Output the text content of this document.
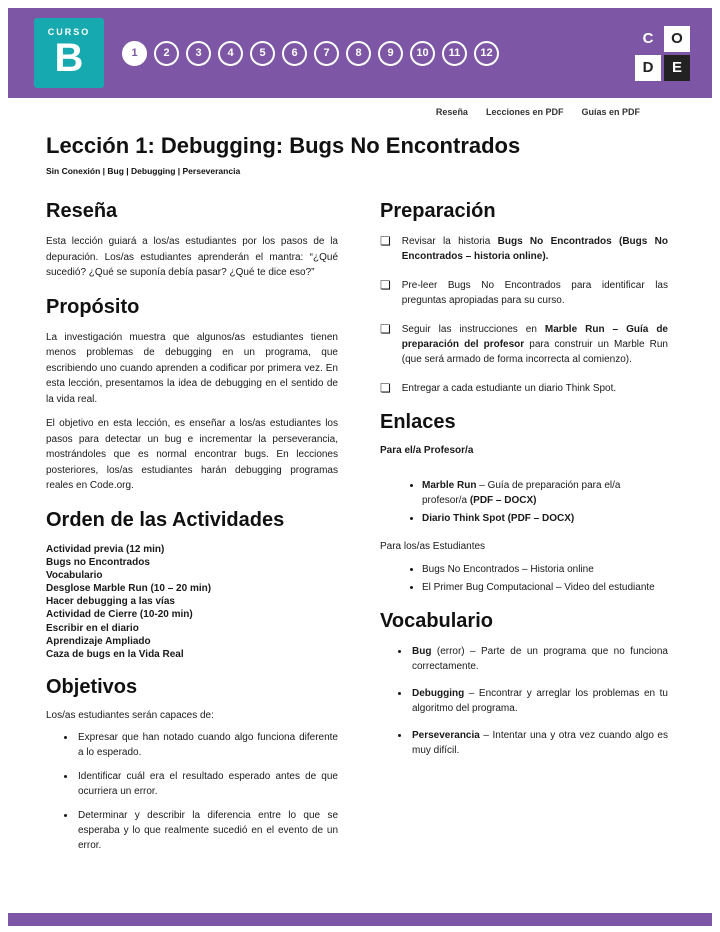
CURSO
B	1	2	3	4	5	6	7	8	9	10	11	12
C	O
D	E
Reseña Lecciones en PDF Guías en PDF
Lección 1: Debugging: Bugs No Encontrados
Sin Conexión | Bug | Debugging | Perseverancia
Reseña

Esta lección guiará a los/as estudiantes por los pasos de la depuración. Los/as estudiantes aprenderán el mantra: “¿Qué sucedió? ¿Qué se suponía debía pasar? ¿Qué te dice eso?”

Propósito

La investigación muestra que algunos/as estudiantes tienen menos problemas de debugging en un programa, que escribiendo uno cuando aprenden a codificar por primera vez. En esta lección, presentamos la idea de debugging en el sentido de la vida real.

El objetivo en esta lección, es enseñar a los/as estudiantes los pasos para detectar un bug e incrementar la perseverancia, mostrándoles que es normal encontrar bugs. En lecciones posteriores, los/as estudiantes harán debugging programas reales en Code.org.

Orden de las Actividades
Actividad previa (12 min)
Bugs no Encontrados
Vocabulario
Desglose Marble Run (10 – 20 min)
Hacer debugging a las vías
Actividad de Cierre (10-20 min)
Escribir en el diario
Aprendizaje Ampliado
Caza de bugs en la Vida Real
Objetivos

Los/as estudiantes serán capaces de:

• Expresar que han notado cuando algo funciona diferente a lo esperado.
• Identificar cuál era el resultado esperado antes de que ocurriera un error.
• Determinar y describir la diferencia entre lo que se esperaba y lo que realmente sucedió en el evento de un error.
Preparación
❏ Revisar la historia Bugs No Encontrados (Bugs No Encontrados – historia online).

❏ Pre-leer Bugs No Encontrados para identificar las preguntas apropiadas para su curso.

❏ Seguir las instrucciones en Marble Run – Guía de preparación del profesor para construir un Marble Run (que será armado de forma incorrecta al comienzo).

❏ Entregar a cada estudiante un diario Think Spot.

Enlaces

Para el/a Profesor/a

• Marble Run – Guía de preparación para el/a profesor/a (PDF – DOCX)
• Diario Think Spot (PDF – DOCX)

Para los/as Estudiantes

• Bugs No Encontrados – Historia online
• El Primer Bug Computacional – Video del estudiante
Vocabulario
• Bug (error) – Parte de un programa que no funciona correctamente.
• Debugging – Encontrar y arreglar los problemas en tu algoritmo del programa.
• Perseverancia – Intentar una y otra vez cuando algo es muy difícil.
